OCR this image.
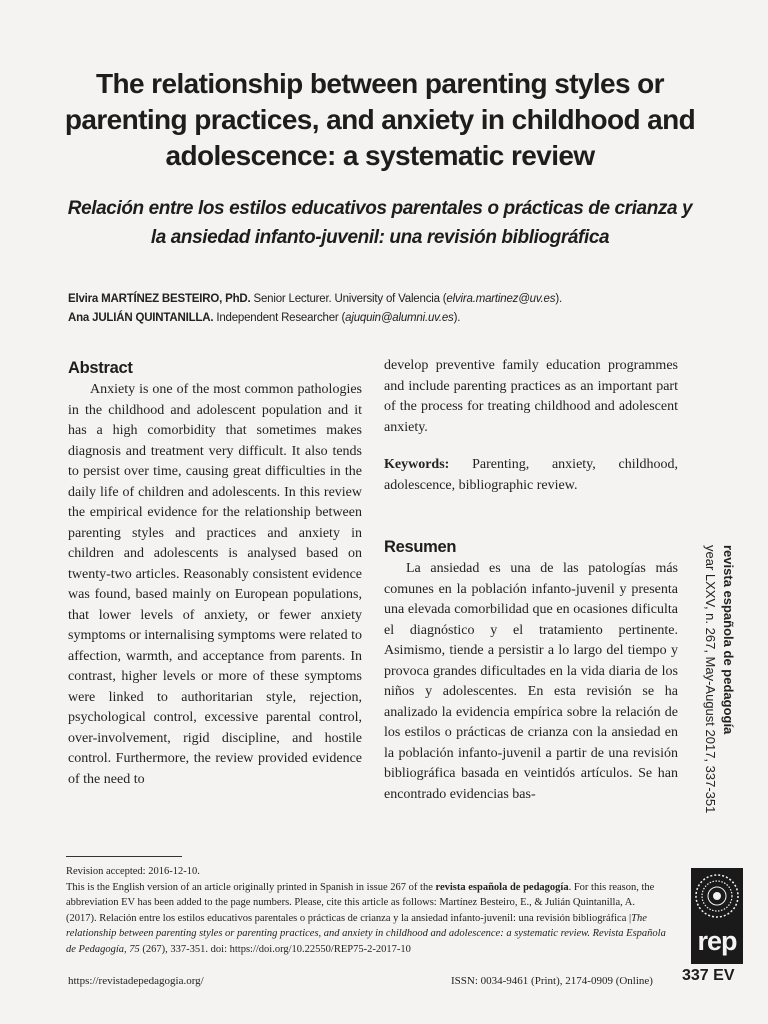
The relationship between parenting styles or parenting practices, and anxiety in childhood and adolescence: a systematic review
Relación entre los estilos educativos parentales o prácticas de crianza y la ansiedad infanto-juvenil: una revisión bibliográfica
Elvira MARTÍNEZ BESTEIRO, PhD. Senior Lecturer. University of Valencia (elvira.martinez@uv.es).
Ana JULIÁN QUINTANILLA. Independent Researcher (ajuquin@alumni.uv.es).
Abstract

Anxiety is one of the most common pathologies in the childhood and adolescent population and it has a high comorbidity that sometimes makes diagnosis and treatment very difficult. It also tends to persist over time, causing great difficulties in the daily life of children and adolescents. In this review the empirical evidence for the relationship between parenting styles and practices and anxiety in children and adolescents is analysed based on twenty-two articles. Reasonably consistent evidence was found, based mainly on European populations, that lower levels of anxiety, or fewer anxiety symptoms or internalising symptoms were related to affection, warmth, and acceptance from parents. In contrast, higher levels or more of these symptoms were linked to authoritarian style, rejection, psychological control, excessive parental control, over-involvement, rigid discipline, and hostile control. Furthermore, the review provided evidence of the need to

develop preventive family education programmes and include parenting practices as an important part of the process for treating childhood and adolescent anxiety.

Keywords: Parenting, anxiety, childhood, adolescence, bibliographic review.

Resumen

La ansiedad es una de las patologías más comunes en la población infanto-juvenil y presenta una elevada comorbilidad que en ocasiones dificulta el diagnóstico y el tratamiento pertinente. Asimismo, tiende a persistir a lo largo del tiempo y provoca grandes dificultades en la vida diaria de los niños y adolescentes. En esta revisión se ha analizado la evidencia empírica sobre la relación de los estilos o prácticas de crianza con la ansiedad en la población infanto-juvenil a partir de una revisión bibliográfica basada en veintidós artículos. Se han encontrado evidencias bas-

revista española de pedagogía
year LXXV, n. 267, May-August 2017, 337-351
rep
Revision accepted: 2016-12-10.
This is the English version of an article originally printed in Spanish in issue 267 of the revista española de pedagogía. For this reason, the abbreviation EV has been added to the page numbers. Please, cite this article as follows: Martínez Besteiro, E., & Julián Quintanilla, A. (2017). Relación entre los estilos educativos parentales o prácticas de crianza y la ansiedad infanto-juvenil: una revisión bibliográfica |The relationship between parenting styles or parenting practices, and anxiety in childhood and adolescence: a systematic review. Revista Española de Pedagogía, 75 (267), 337-351. doi: https://doi.org/10.22550/REP75-2-2017-10
https://revistadepedagogia.org/	ISSN: 0034-9461 (Print), 2174-0909 (Online) 337 EV
